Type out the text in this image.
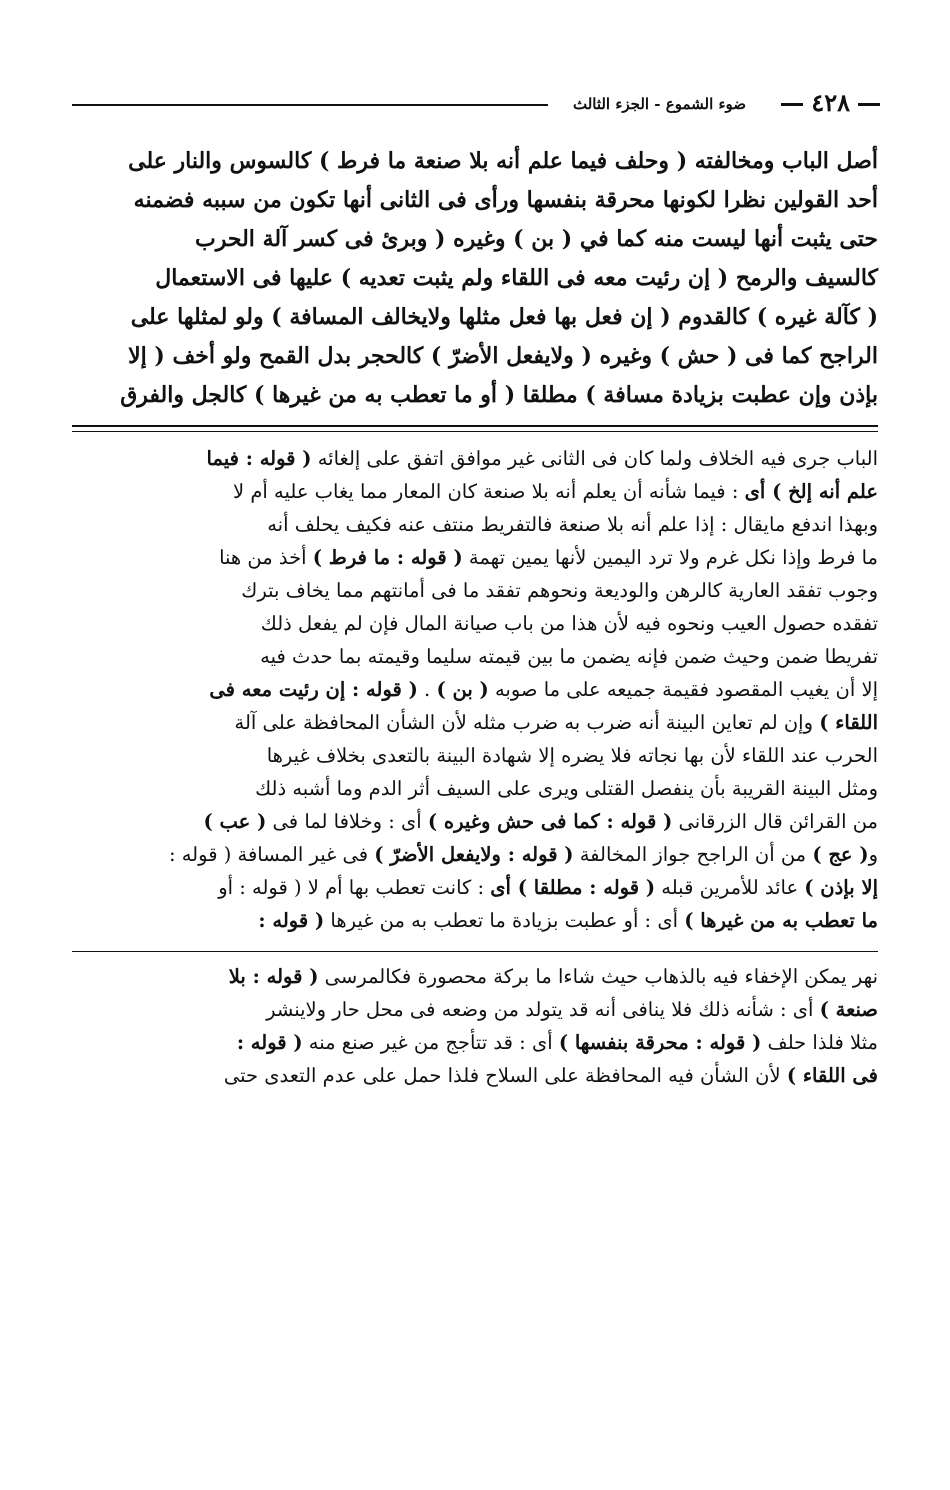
٤٢٨
ضوء الشموع - الجزء الثالث

أصل الباب ومخالفته ( وحلف فيما علم أنه بلا صنعة ما فرط ) كالسوس والنار على

أحد القولين نظرا لكونها محرقة بنفسها ورأى فى الثانى أنها تكون من سببه فضمنه

حتى يثبت أنها ليست منه كما في ( بن ) وغيره ( وبرئ فى كسر آلة الحرب

كالسيف والرمح ( إن رئيت معه فى اللقاء ولم يثبت تعديه ) عليها فى الاستعمال

( كآلة غيره ) كالقدوم ( إن فعل بها فعل مثلها ولايخالف المسافة ) ولو لمثلها على

الراجح كما فى ( حش ) وغيره ( ولايفعل الأضرّ ) كالحجر بدل القمح ولو أخف ( إلا

بإذن وإن عطبت بزيادة مسافة ) مطلقا ( أو ما تعطب به من غيرها ) كالجل والفرق

الباب جرى فيه الخلاف ولما كان فى الثانى غير موافق اتفق على إلغائه ( قوله : فيما

علم أنه إلخ ) أى : فيما شأنه أن يعلم أنه بلا صنعة كان المعار مما يغاب عليه أم لا

وبهذا اندفع مايقال : إذا علم أنه بلا صنعة فالتفريط منتف عنه فكيف يحلف أنه

ما فرط وإذا نكل غرم ولا ترد اليمين لأنها يمين تهمة ( قوله : ما فرط ) أخذ من هنا

وجوب تفقد العارية كالرهن والوديعة ونحوهم تفقد ما فى أمانتهم مما يخاف بترك

تفقده حصول العيب ونحوه فيه لأن هذا من باب صيانة المال فإن لم يفعل ذلك

تفريطا ضمن وحيث ضمن فإنه يضمن ما بين قيمته سليما وقيمته بما حدث فيه

إلا أن يغيب المقصود فقيمة جميعه على ما صوبه ( بن ) . ( قوله : إن رئيت معه فى

اللقاء ) وإن لم تعاين البينة أنه ضرب به ضرب مثله لأن الشأن المحافظة على آلة

الحرب عند اللقاء لأن بها نجاته فلا يضره إلا شهادة البينة بالتعدى بخلاف غيرها

ومثل البينة القريبة بأن ينفصل القتلى ويرى على السيف أثر الدم وما أشبه ذلك

من القرائن قال الزرقانى ( قوله : كما فى حش وغيره ) أى : وخلافا لما فى ( عب )

و( عج ) من أن الراجح جواز المخالفة ( قوله : ولايفعل الأضرّ ) فى غير المسافة ( قوله :

إلا بإذن ) عائد للأمرين قبله ( قوله : مطلقا ) أى : كانت تعطب بها أم لا ( قوله : أو

ما تعطب به من غيرها ) أى : أو عطبت بزيادة ما تعطب به من غيرها ( قوله :

نهر يمكن الإخفاء فيه بالذهاب حيث شاءا ما بركة محصورة فكالمرسى ( قوله : بلا

صنعة ) أى : شأنه ذلك فلا ينافى أنه قد يتولد من وضعه فى محل حار ولاينشر

مثلا فلذا حلف ( قوله : محرقة بنفسها ) أى : قد تتأجج من غير صنع منه ( قوله :

فى اللقاء ) لأن الشأن فيه المحافظة على السلاح فلذا حمل على عدم التعدى حتى
